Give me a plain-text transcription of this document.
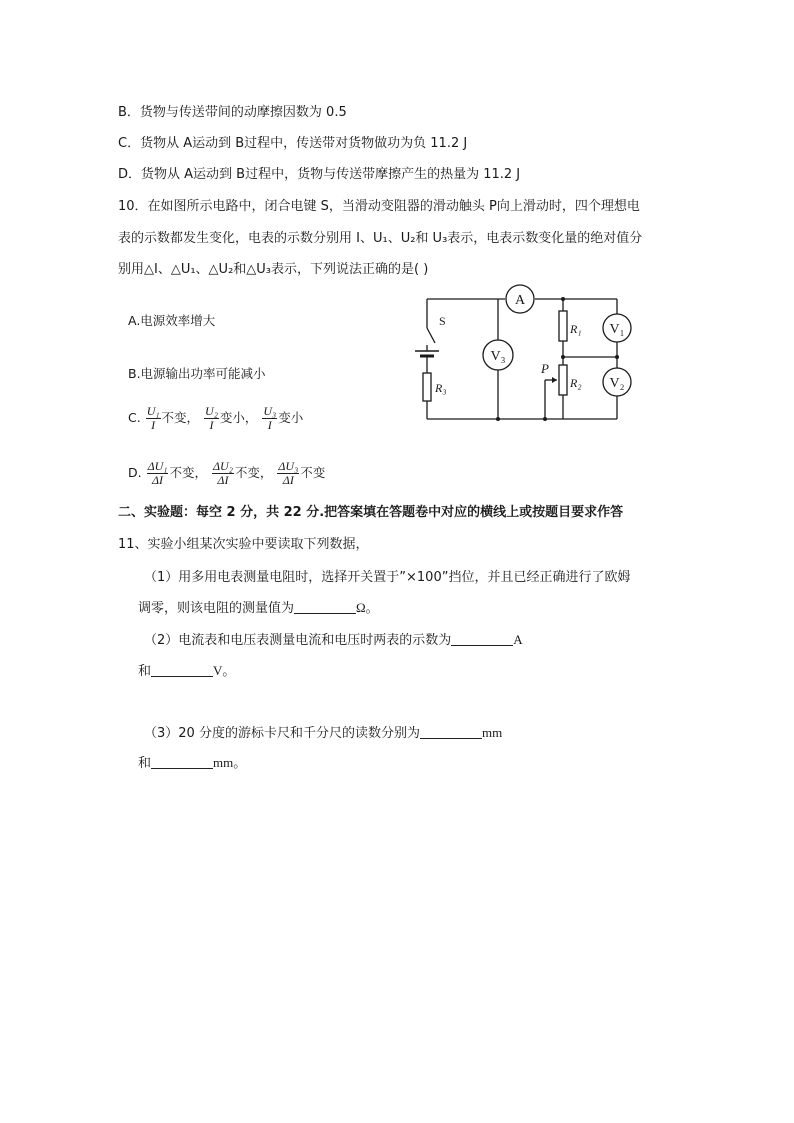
B．货物与传送带间的动摩擦因数为 0.5
C．货物从 A运动到 B过程中，传送带对货物做功为负 11.2 J
D．货物从 A运动到 B过程中，货物与传送带摩擦产生的热量为 11.2 J
10．在如图所示电路中，闭合电键 S，当滑动变阻器的滑动触头 P向上滑动时，四个理想电
表的示数都发生变化，电表的示数分别用 I、U₁、U₂和 U₃表示，电表示数变化量的绝对值分
别用△I、△U₁、△U₂和△U₃表示，下列说法正确的是( )
A.电源效率增大
B.电源输出功率可能减小
C. $\frac{\text{U₁}}{I}$ 不变， $\frac{\text{U₂}}{I}$ 变小， $\frac{\text{U₃}}{I}$ 变小
D. $\frac{\text{ΔU₁}}{\Delta I}$ 不变， $\frac{\text{ΔU₂}}{\Delta I}$ 不变， $\frac{\text{ΔU₃}}{\Delta I}$ 不变
A
V₃
V₁
V₂
S
R₃
R₁
R₂
P
二、实验题：每空 2 分，共 22 分.把答案填在答题卷中对应的横线上或按题目要求作答
11、实验小组某次实验中要读取下列数据，
（1）用多用电表测量电阻时，选择开关置于”×100”挡位，并且已经正确进行了欧姆
调零，则该电阻的测量值为	Ω。
（2）电流表和电压表测量电流和电压时两表的示数为	A
和	V。
（3）20 分度的游标卡尺和千分尺的读数分别为	mm
和	mm。
